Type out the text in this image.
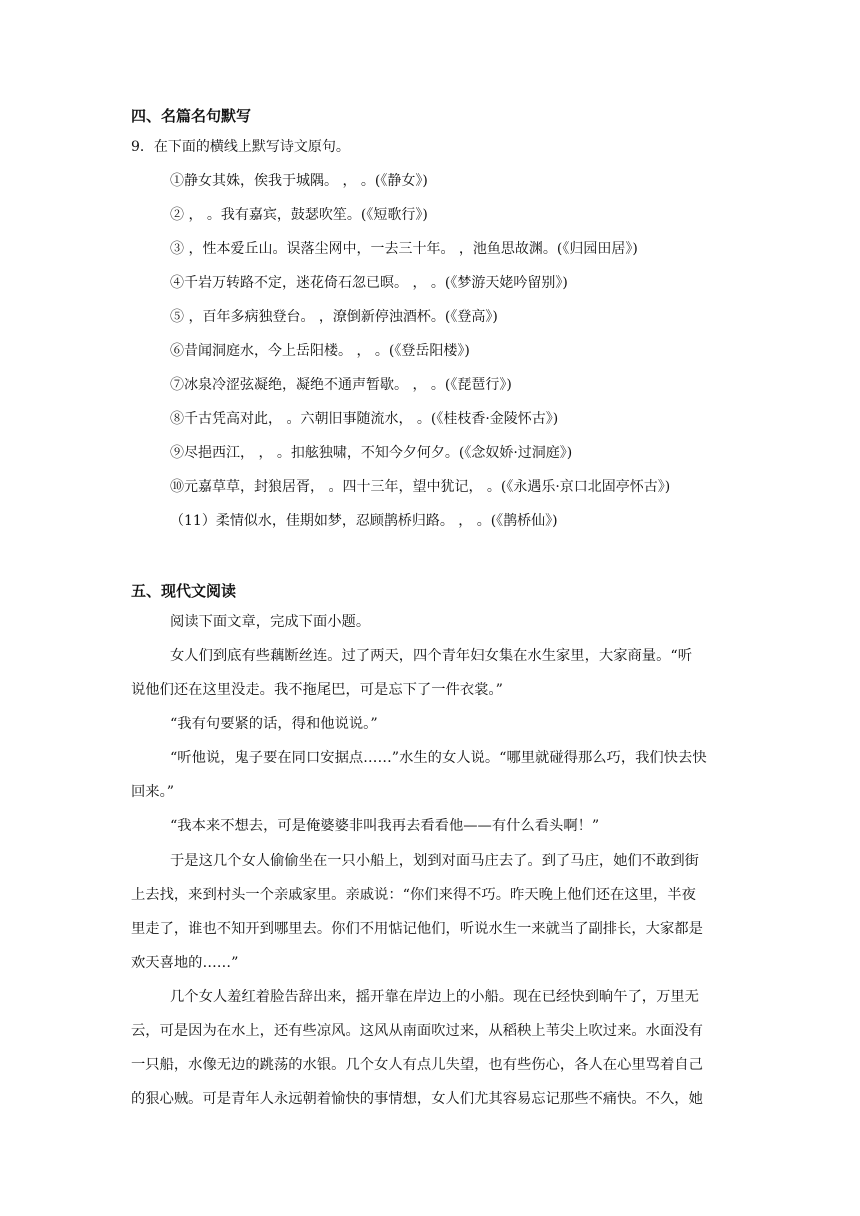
四、名篇名句默写
9．在下面的横线上默写诗文原句。
①静女其姝，俟我于城隅。 ， 。(《静女》)
② ， 。我有嘉宾，鼓瑟吹笙。(《短歌行》)
③ ，性本爱丘山。误落尘网中，一去三十年。 ，池鱼思故渊。(《归园田居》)
④千岩万转路不定，迷花倚石忽已暝。 ， 。(《梦游天姥吟留别》)
⑤ ，百年多病独登台。 ，潦倒新停浊酒杯。(《登高》)
⑥昔闻洞庭水，今上岳阳楼。 ， 。(《登岳阳楼》)
⑦冰泉冷涩弦凝绝，凝绝不通声暂歇。 ， 。(《琵琶行》)
⑧千古凭高对此， 。六朝旧事随流水， 。(《桂枝香·金陵怀古》)
⑨尽挹西江， ， 。扣舷独啸，不知今夕何夕。(《念奴娇·过洞庭》)
⑩元嘉草草，封狼居胥， 。四十三年，望中犹记， 。(《永遇乐·京口北固亭怀古》)
（11）柔情似水，佳期如梦，忍顾鹊桥归路。 ， 。(《鹊桥仙》)
五、现代文阅读
阅读下面文章，完成下面小题。
女人们到底有些藕断丝连。过了两天，四个青年妇女集在水生家里，大家商量。“听
说他们还在这里没走。我不拖尾巴，可是忘下了一件衣裳。”
“我有句要紧的话，得和他说说。”
“听他说，鬼子要在同口安据点……”水生的女人说。“哪里就碰得那么巧，我们快去快
回来。”
“我本来不想去，可是俺婆婆非叫我再去看看他——有什么看头啊！”
于是这几个女人偷偷坐在一只小船上，划到对面马庄去了。到了马庄，她们不敢到街
上去找，来到村头一个亲戚家里。亲戚说：“你们来得不巧。昨天晚上他们还在这里，半夜
里走了，谁也不知开到哪里去。你们不用惦记他们，听说水生一来就当了副排长，大家都是
欢天喜地的……”
几个女人羞红着脸告辞出来，摇开靠在岸边上的小船。现在已经快到晌午了，万里无
云，可是因为在水上，还有些凉风。这风从南面吹过来，从稻秧上苇尖上吹过来。水面没有
一只船，水像无边的跳荡的水银。几个女人有点儿失望，也有些伤心，各人在心里骂着自己
的狠心贼。可是青年人永远朝着愉快的事情想，女人们尤其容易忘记那些不痛快。不久，她
